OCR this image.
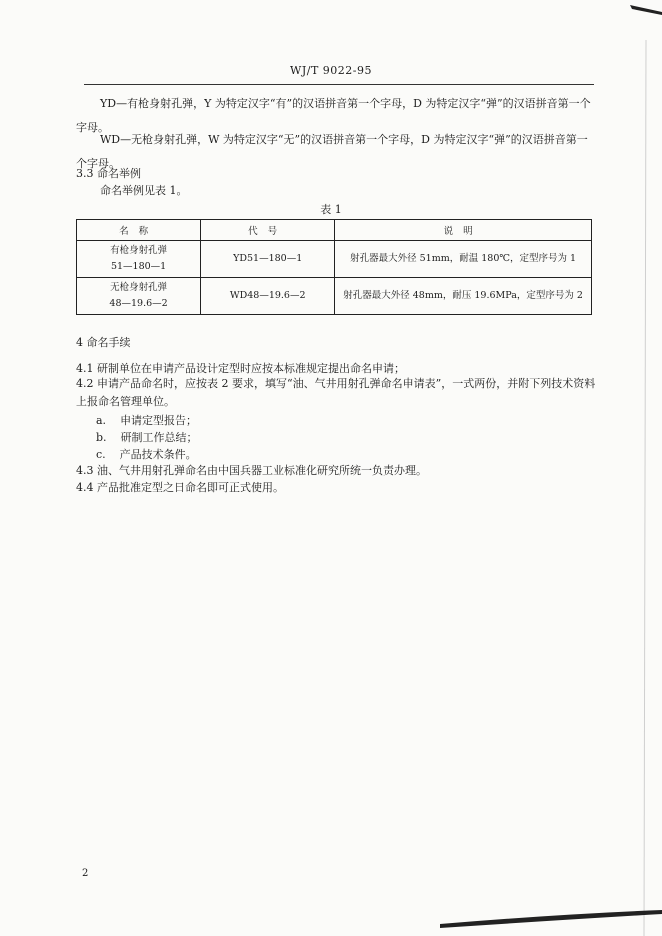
WJ/T 9022-95

YD—有枪身射孔弹，Y 为特定汉字“有”的汉语拼音第一个字母，D 为特定汉字“弹”的汉语拼音第一个字母。

WD—无枪身射孔弹，W 为特定汉字“无”的汉语拼音第一个字母，D 为特定汉字“弹”的汉语拼音第一个字母。

3.3 命名举例
命名举例见表 1。
表 1
名称	代号	说明

有枪身射孔弹
51—180—1	YD51—180—1	射孔器最大外径 51mm，耐温 180℃，定型序号为 1

无枪身射孔弹
48—19.6—2	WD48—19.6—2	射孔器最大外径 48mm，耐压 19.6MPa，定型序号为 2
4 命名手续
4.1 研制单位在申请产品设计定型时应按本标准规定提出命名申请；

4.2 申请产品命名时，应按表 2 要求，填写“油、气井用射孔弹命名申请表”，一式两份，并附下列技术资料上报命名管理单位。

a. 申请定型报告；
b. 研制工作总结；
c. 产品技术条件。
4.3 油、气井用射孔弹命名由中国兵器工业标准化研究所统一负责办理。
4.4 产品批准定型之日命名即可正式使用。
2
